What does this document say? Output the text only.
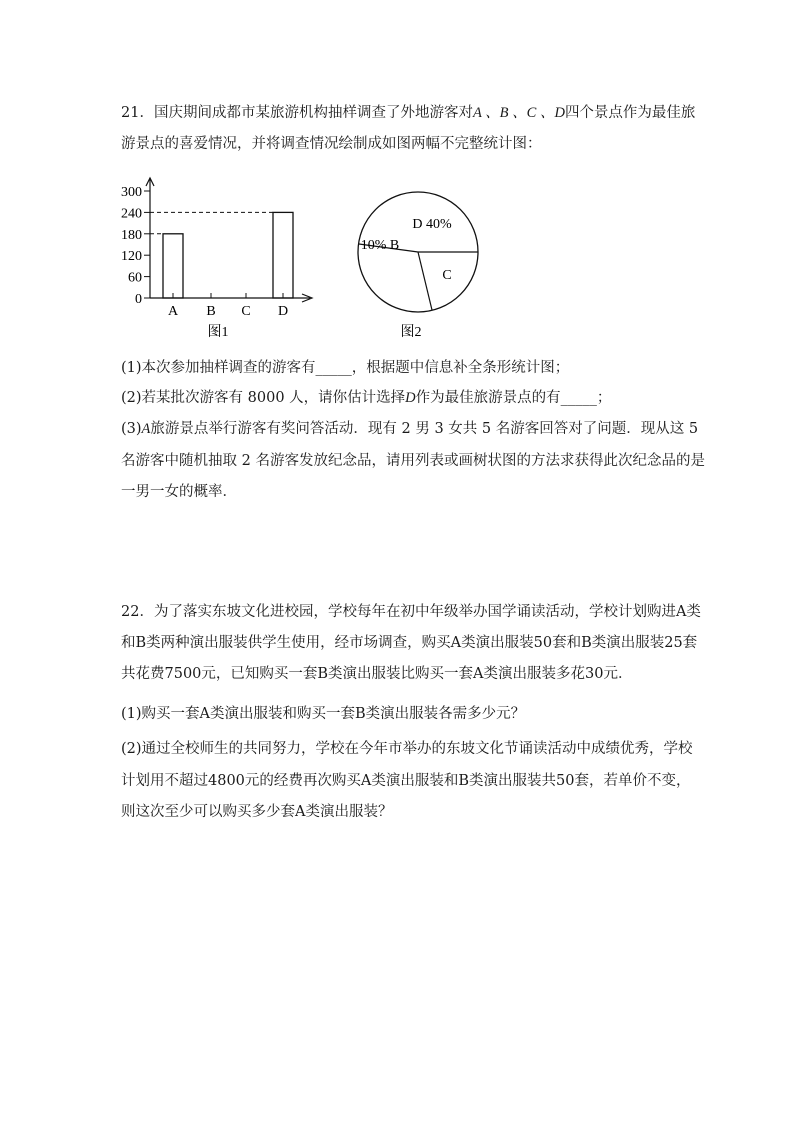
21．国庆期间成都市某旅游机构抽样调查了外地游客对A 、B 、C 、D四个景点作为最佳旅

游景点的喜爱情况，并将调查情况绘制成如图两幅不完整统计图：

0
60
120
180
240
300
A B C D
图1
D 40%
10% B
C
图2

(1)本次参加抽样调查的游客有_____，根据题中信息补全条形统计图；

(2)若某批次游客有 8000 人，请你估计选择D作为最佳旅游景点的有_____；

(3)A旅游景点举行游客有奖问答活动．现有 2 男 3 女共 5 名游客回答对了问题．现从这 5

名游客中随机抽取 2 名游客发放纪念品，请用列表或画树状图的方法求获得此次纪念品的是

一男一女的概率．

22．为了落实东坡文化进校园，学校每年在初中年级举办国学诵读活动，学校计划购进A类

和B类两种演出服装供学生使用，经市场调查，购买A类演出服装50套和B类演出服装25套

共花费7500元，已知购买一套B类演出服装比购买一套A类演出服装多花30元．

(1)购买一套A类演出服装和购买一套B类演出服装各需多少元？

(2)通过全校师生的共同努力，学校在今年市举办的东坡文化节诵读活动中成绩优秀，学校

计划用不超过4800元的经费再次购买A类演出服装和B类演出服装共50套，若单价不变，

则这次至少可以购买多少套A类演出服装？
